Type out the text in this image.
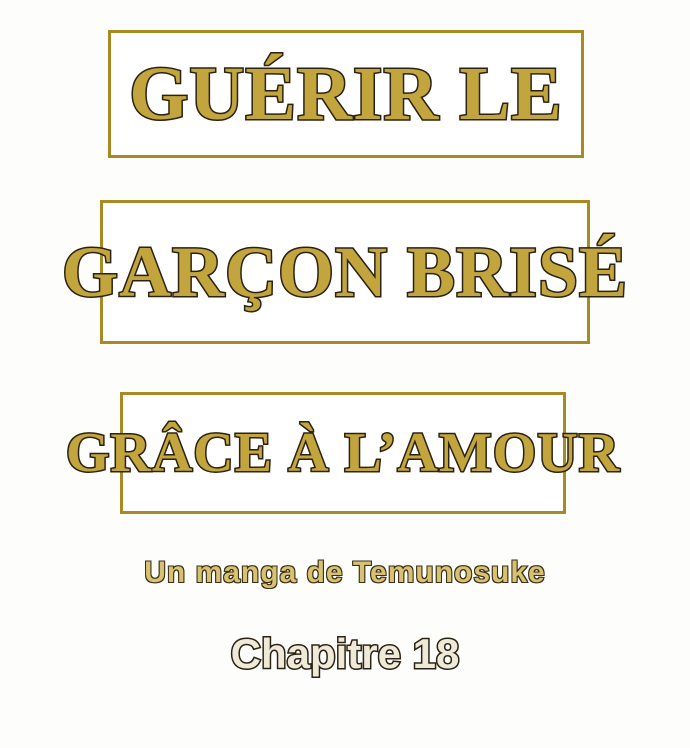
GUÉRIR LE
GARÇON BRISÉ
GRÂCE À L’AMOUR
Un manga de Temunosuke
Chapitre 18
